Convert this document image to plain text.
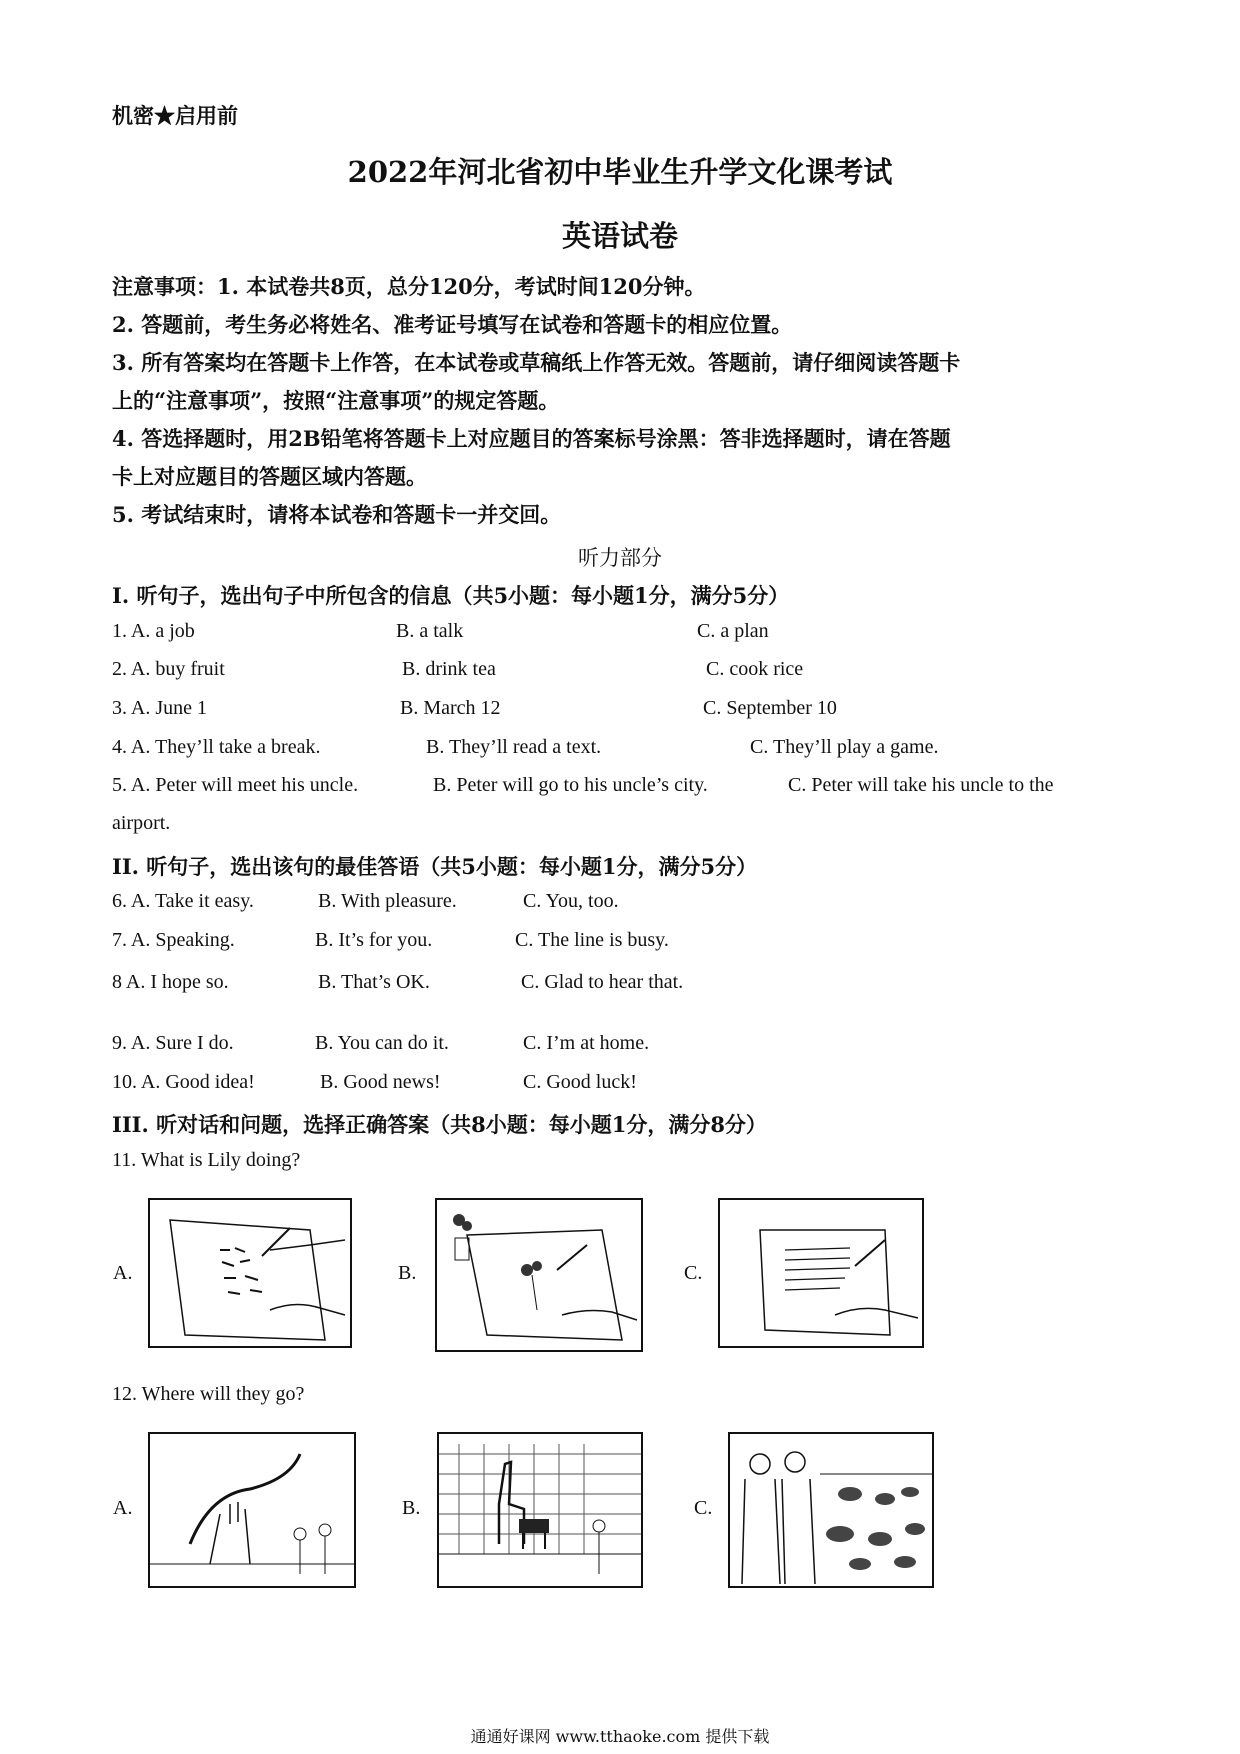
机密★启用前
2022年河北省初中毕业生升学文化课考试
英语试卷
注意事项：1. 本试卷共8页，总分120分，考试时间120分钟。
2. 答题前，考生务必将姓名、准考证号填写在试卷和答题卡的相应位置。
3. 所有答案均在答题卡上作答，在本试卷或草稿纸上作答无效。答题前，请仔细阅读答题卡
上的“注意事项”，按照“注意事项”的规定答题。
4. 答选择题时，用2B铅笔将答题卡上对应题目的答案标号涂黑：答非选择题时，请在答题
卡上对应题目的答题区域内答题。
5. 考试结束时，请将本试卷和答题卡一并交回。
听力部分
Ⅰ. 听句子，选出句子中所包含的信息（共5小题：每小题1分，满分5分）
1. A. a job	B. a talk	C. a plan
2. A. buy fruit	B. drink tea	C. cook rice
3. A. June 1	B. March 12	C. September 10
4. A. They’ll take a break.	B. They’ll read a text.	C. They’ll play a game.
5. A. Peter will meet his uncle.	B. Peter will go to his uncle’s city.	C. Peter will take his uncle to the
airport.
II. 听句子，选出该句的最佳答语（共5小题：每小题1分，满分5分）
6. A. Take it easy.	B. With pleasure.	C. You, too.
7. A. Speaking.	B. It’s for you.	C. The line is busy.
8 A. I hope so.	B. That’s OK.	C. Glad to hear that.
9. A. Sure I do.	B. You can do it.	C. I’m at home.
10. A. Good idea!	B. Good news!	C. Good luck!
III. 听对话和问题，选择正确答案（共8小题：每小题1分，满分8分）
11. What is Lily doing?
A.	B.	C.
12. Where will they go?
A.	B.	C.
通通好课网 www.tthaoke.com 提供下载
